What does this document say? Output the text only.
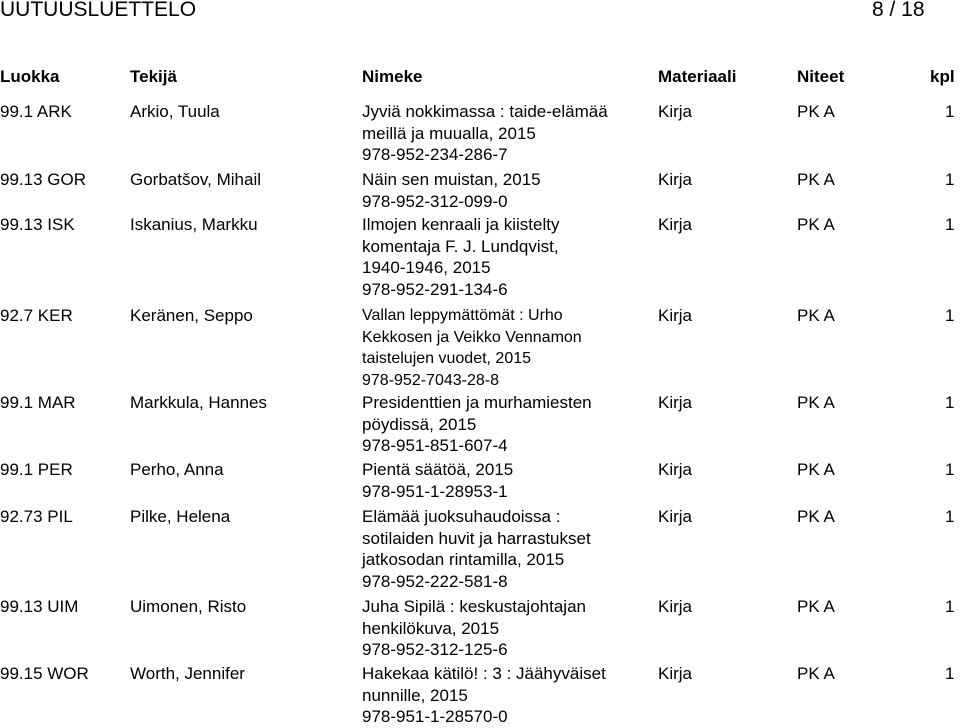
UUTUUSLUETTELO	8 / 18
Luokka	Tekijä	Nimeke	Materiaali	Niteet	kpl
99.1 ARK	Arkio, Tuula	Jyviä nokkimassa : taide-elämää
meillä ja muualla, 2015
978-952-234-286-7
Kirja	PK A	1
99.13 GOR	Gorbatšov, Mihail	Näin sen muistan, 2015
978-952-312-099-0
Kirja	PK A	1
99.13 ISK	Iskanius, Markku	Ilmojen kenraali ja kiistelty
komentaja F. J. Lundqvist,
1940-1946, 2015
978-952-291-134-6
Kirja	PK A	1
92.7 KER	Keränen, Seppo	Vallan leppymättömät : Urho
Kekkosen ja Veikko Vennamon
taistelujen vuodet, 2015
978-952-7043-28-8
Kirja	PK A	1
99.1 MAR	Markkula, Hannes	Presidenttien ja murhamiesten
pöydissä, 2015
978-951-851-607-4
Kirja	PK A	1
99.1 PER	Perho, Anna	Pientä säätöä, 2015
978-951-1-28953-1
Kirja	PK A	1
92.73 PIL	Pilke, Helena	Elämää juoksuhaudoissa :
sotilaiden huvit ja harrastukset
jatkosodan rintamilla, 2015
978-952-222-581-8
Kirja	PK A	1
99.13 UIM	Uimonen, Risto	Juha Sipilä : keskustajohtajan
henkilökuva, 2015
978-952-312-125-6
Kirja	PK A	1
99.15 WOR Worth, Jennifer	Hakekaa kätilö! : 3 : Jäähyväiset
nunnille, 2015
978-951-1-28570-0
Kirja	PK A	1
